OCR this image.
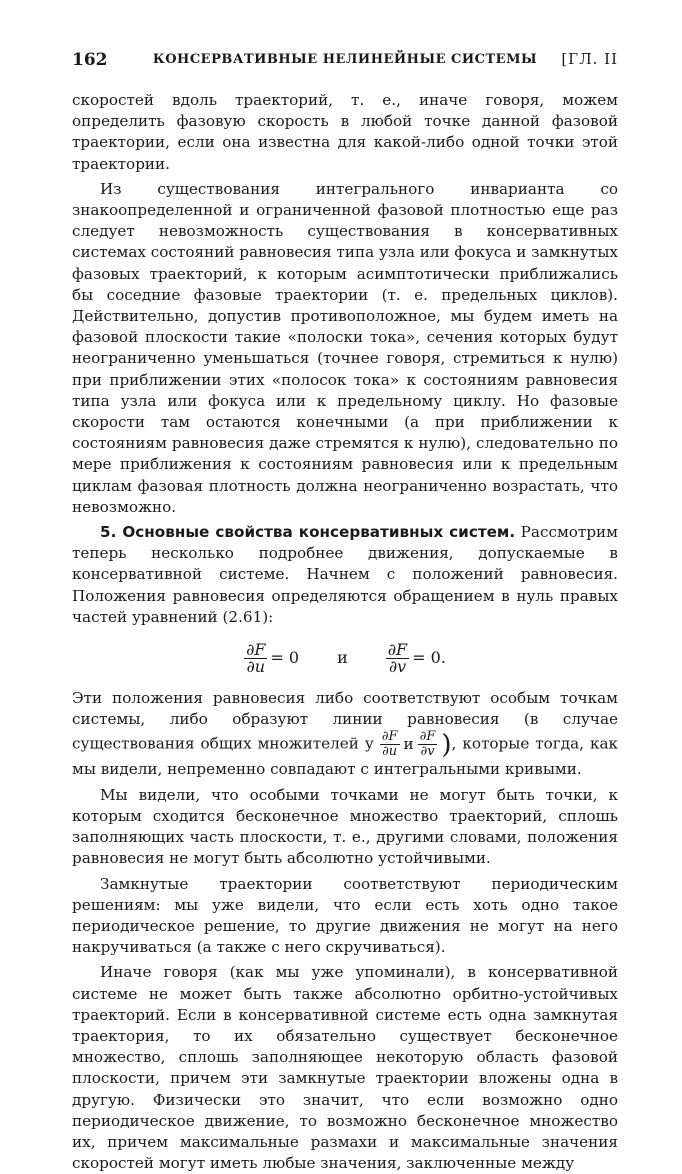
162	КОНСЕРВАТИВНЫЕ НЕЛИНЕЙНЫЕ СИСТЕМЫ	[ГЛ. II

скоростей вдоль траекторий, т. е., иначе говоря, можем определить фазовую скорость в любой точке данной фазовой траектории, если она известна для какой-либо одной точки этой траектории.

Из существования интегрального инварианта со знакоопределенной и ограниченной фазовой плотностью еще раз следует невозможность существования в консервативных системах состояний равновесия типа узла или фокуса и замкнутых фазовых траекторий, к которым асимптотически приближались бы соседние фазовые траектории (т. е. предельных циклов). Действительно, допустив противоположное, мы будем иметь на фазовой плоскости такие «полоски тока», сечения которых будут неограниченно уменьшаться (точнее говоря, стремиться к нулю) при приближении этих «полосок тока» к состояниям равновесия типа узла или фокуса или к предельному циклу. Но фазовые скорости там остаются конечными (а при приближении к состояниям равновесия даже стремятся к нулю), следовательно по мере приближения к состояниям равновесия или к предельным циклам фазовая плотность должна неограниченно возрастать, что невозможно.

5. Основные свойства консервативных систем. Рассмотрим теперь несколько подробнее движения, допускаемые в консервативной системе. Начнем с положений равновесия. Положения равновесия определяются обращением в нуль правых частей уравнений (2.61):

$\frac{\partial F}{\partial u} = 0$ и $\frac{\partial F}{\partial v} = 0$.

Эти положения равновесия либо соответствуют особым точкам системы, либо образуют линии равновесия (в случае существования общих множителей у $\frac{\partial F}{\partial u}$ и $\frac{\partial F}{\partial v}$ ) , которые тогда, как мы видели, непременно совпадают с интегральными кривыми.

Мы видели, что особыми точками не могут быть точки, к которым сходится бесконечное множество траекторий, сплошь заполняющих часть плоскости, т. е., другими словами, положения равновесия не могут быть абсолютно устойчивыми.

Замкнутые траектории соответствуют периодическим решениям: мы уже видели, что если есть хоть одно такое периодическое решение, то другие движения не могут на него накручиваться (а также с него скручиваться).

Иначе говоря (как мы уже упоминали), в консервативной системе не может быть также абсолютно орбитно-устойчивых траекторий. Если в консервативной системе есть одна замкнутая траектория, то их обязательно существует бесконечное множество, сплошь заполняющее некоторую область фазовой плоскости, причем эти замкнутые траектории вложены одна в другую. Физически это значит, что если возможно одно периодическое движение, то возможно бесконечное множество их, причем максимальные размахи и максимальные значения скоростей могут иметь любые значения, заключенные между
